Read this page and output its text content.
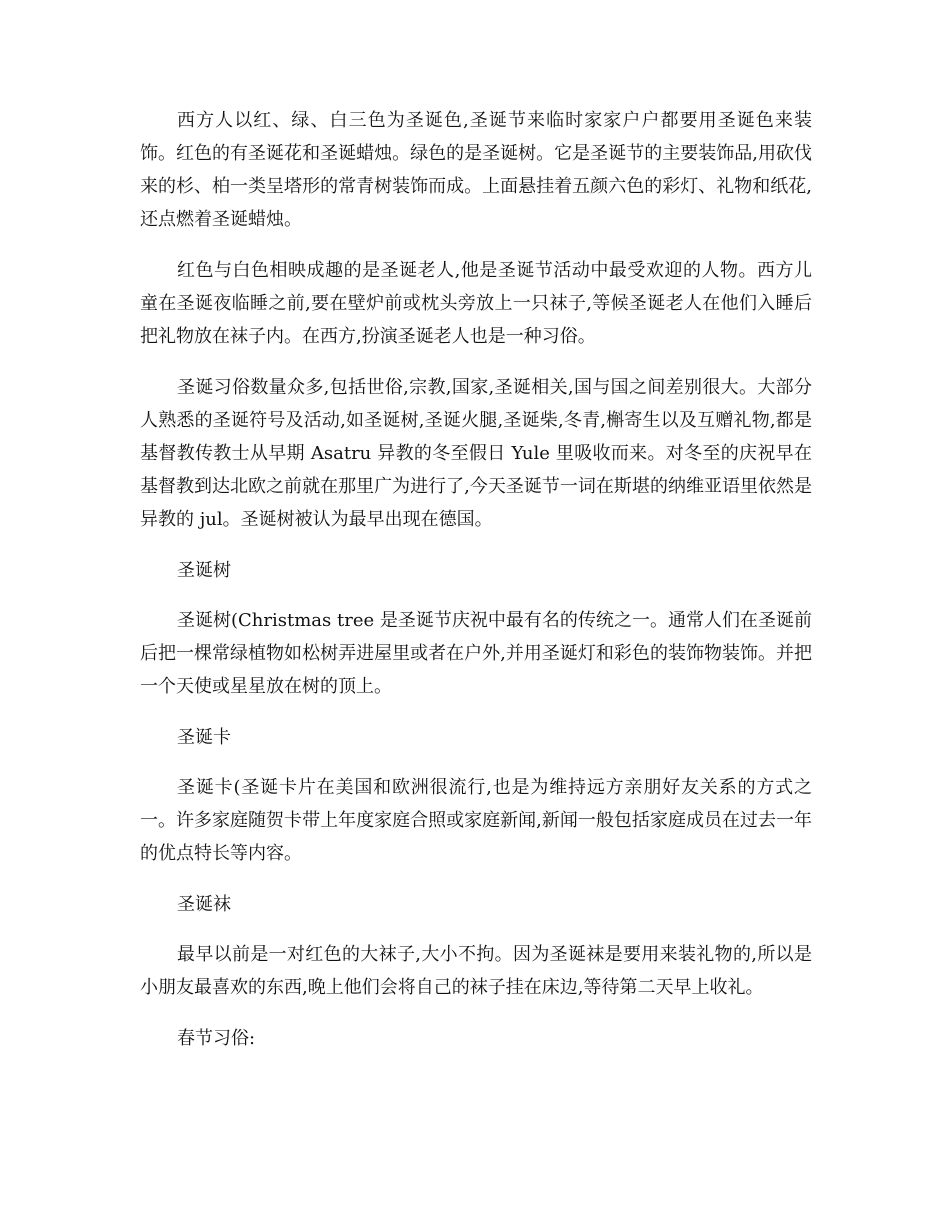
西方人以红、绿、白三色为圣诞色,圣诞节来临时家家户户都要用圣诞色来装饰。红色的有圣诞花和圣诞蜡烛。绿色的是圣诞树。它是圣诞节的主要装饰品,用砍伐来的杉、柏一类呈塔形的常青树装饰而成。上面悬挂着五颜六色的彩灯、礼物和纸花,还点燃着圣诞蜡烛。

红色与白色相映成趣的是圣诞老人,他是圣诞节活动中最受欢迎的人物。西方儿童在圣诞夜临睡之前,要在壁炉前或枕头旁放上一只袜子,等候圣诞老人在他们入睡后把礼物放在袜子内。在西方,扮演圣诞老人也是一种习俗。

圣诞习俗数量众多,包括世俗,宗教,国家,圣诞相关,国与国之间差别很大。大部分人熟悉的圣诞符号及活动,如圣诞树,圣诞火腿,圣诞柴,冬青,槲寄生以及互赠礼物,都是基督教传教士从早期 Asatru 异教的冬至假日 Yule 里吸收而来。对冬至的庆祝早在基督教到达北欧之前就在那里广为进行了,今天圣诞节一词在斯堪的纳维亚语里依然是异教的 jul。圣诞树被认为最早出现在德国。

圣诞树

圣诞树(Christmas tree 是圣诞节庆祝中最有名的传统之一。通常人们在圣诞前后把一棵常绿植物如松树弄进屋里或者在户外,并用圣诞灯和彩色的装饰物装饰。并把一个天使或星星放在树的顶上。

圣诞卡

圣诞卡(圣诞卡片在美国和欧洲很流行,也是为维持远方亲朋好友关系的方式之一。许多家庭随贺卡带上年度家庭合照或家庭新闻,新闻一般包括家庭成员在过去一年的优点特长等内容。

圣诞袜

最早以前是一对红色的大袜子,大小不拘。因为圣诞袜是要用来装礼物的,所以是小朋友最喜欢的东西,晚上他们会将自己的袜子挂在床边,等待第二天早上收礼。

春节习俗:
